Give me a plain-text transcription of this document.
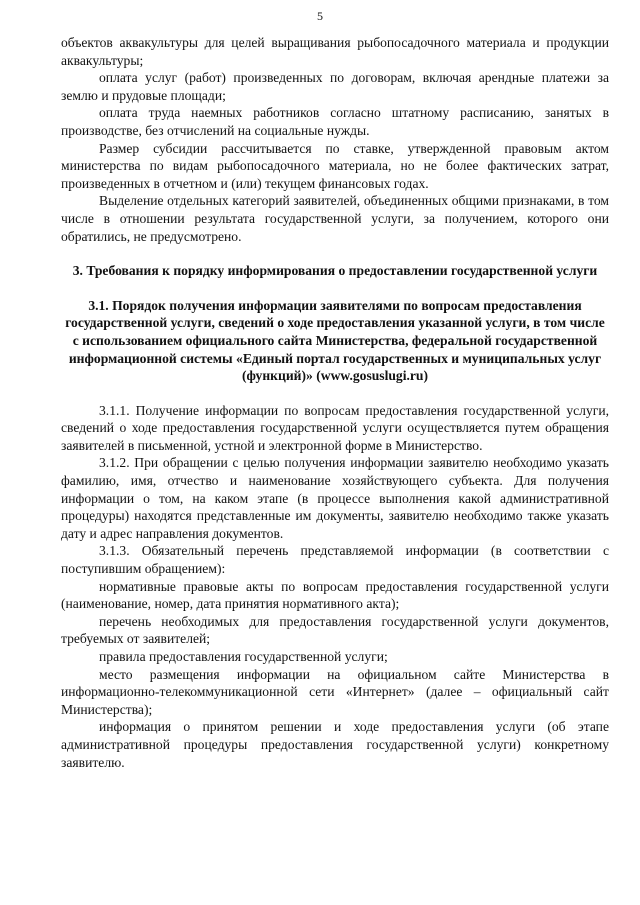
5

объектов аквакультуры для целей выращивания рыбопосадочного материала и продукции аквакультуры;

оплата услуг (работ) произведенных по договорам, включая арендные платежи за землю и прудовые площади;

оплата труда наемных работников согласно штатному расписанию, занятых в производстве, без отчислений на социальные нужды.

Размер субсидии рассчитывается по ставке, утвержденной правовым актом министерства по видам рыбопосадочного материала, но не более фактических затрат, произведенных в отчетном и (или) текущем финансовых годах.

Выделение отдельных категорий заявителей, объединенных общими признаками, в том числе в отношении результата государственной услуги, за получением, которого они обратились, не предусмотрено.

3. Требования к порядку информирования о предоставлении государственной услуги

3.1. Порядок получения информации заявителями по вопросам предоставления государственной услуги, сведений о ходе предоставления указанной услуги, в том числе с использованием официального сайта Министерства, федеральной государственной информационной системы «Единый портал государственных и муниципальных услуг (функций)» (www.gosuslugi.ru)

3.1.1. Получение информации по вопросам предоставления государственной услуги, сведений о ходе предоставления государственной услуги осуществляется путем обращения заявителей в письменной, устной и электронной форме в Министерство.

3.1.2. При обращении с целью получения информации заявителю необходимо указать фамилию, имя, отчество и наименование хозяйствующего субъекта. Для получения информации о том, на каком этапе (в процессе выполнения какой административной процедуры) находятся представленные им документы, заявителю необходимо также указать дату и адрес направления документов.

3.1.3. Обязательный перечень представляемой информации (в соответствии с поступившим обращением):

нормативные правовые акты по вопросам предоставления государственной услуги (наименование, номер, дата принятия нормативного акта);

перечень необходимых для предоставления государственной услуги документов, требуемых от заявителей;

правила предоставления государственной услуги;

место размещения информации на официальном сайте Министерства в информационно-телекоммуникационной сети «Интернет» (далее – официальный сайт Министерства);

информация о принятом решении и ходе предоставления услуги (об этапе административной процедуры предоставления государственной услуги) конкретному заявителю.
